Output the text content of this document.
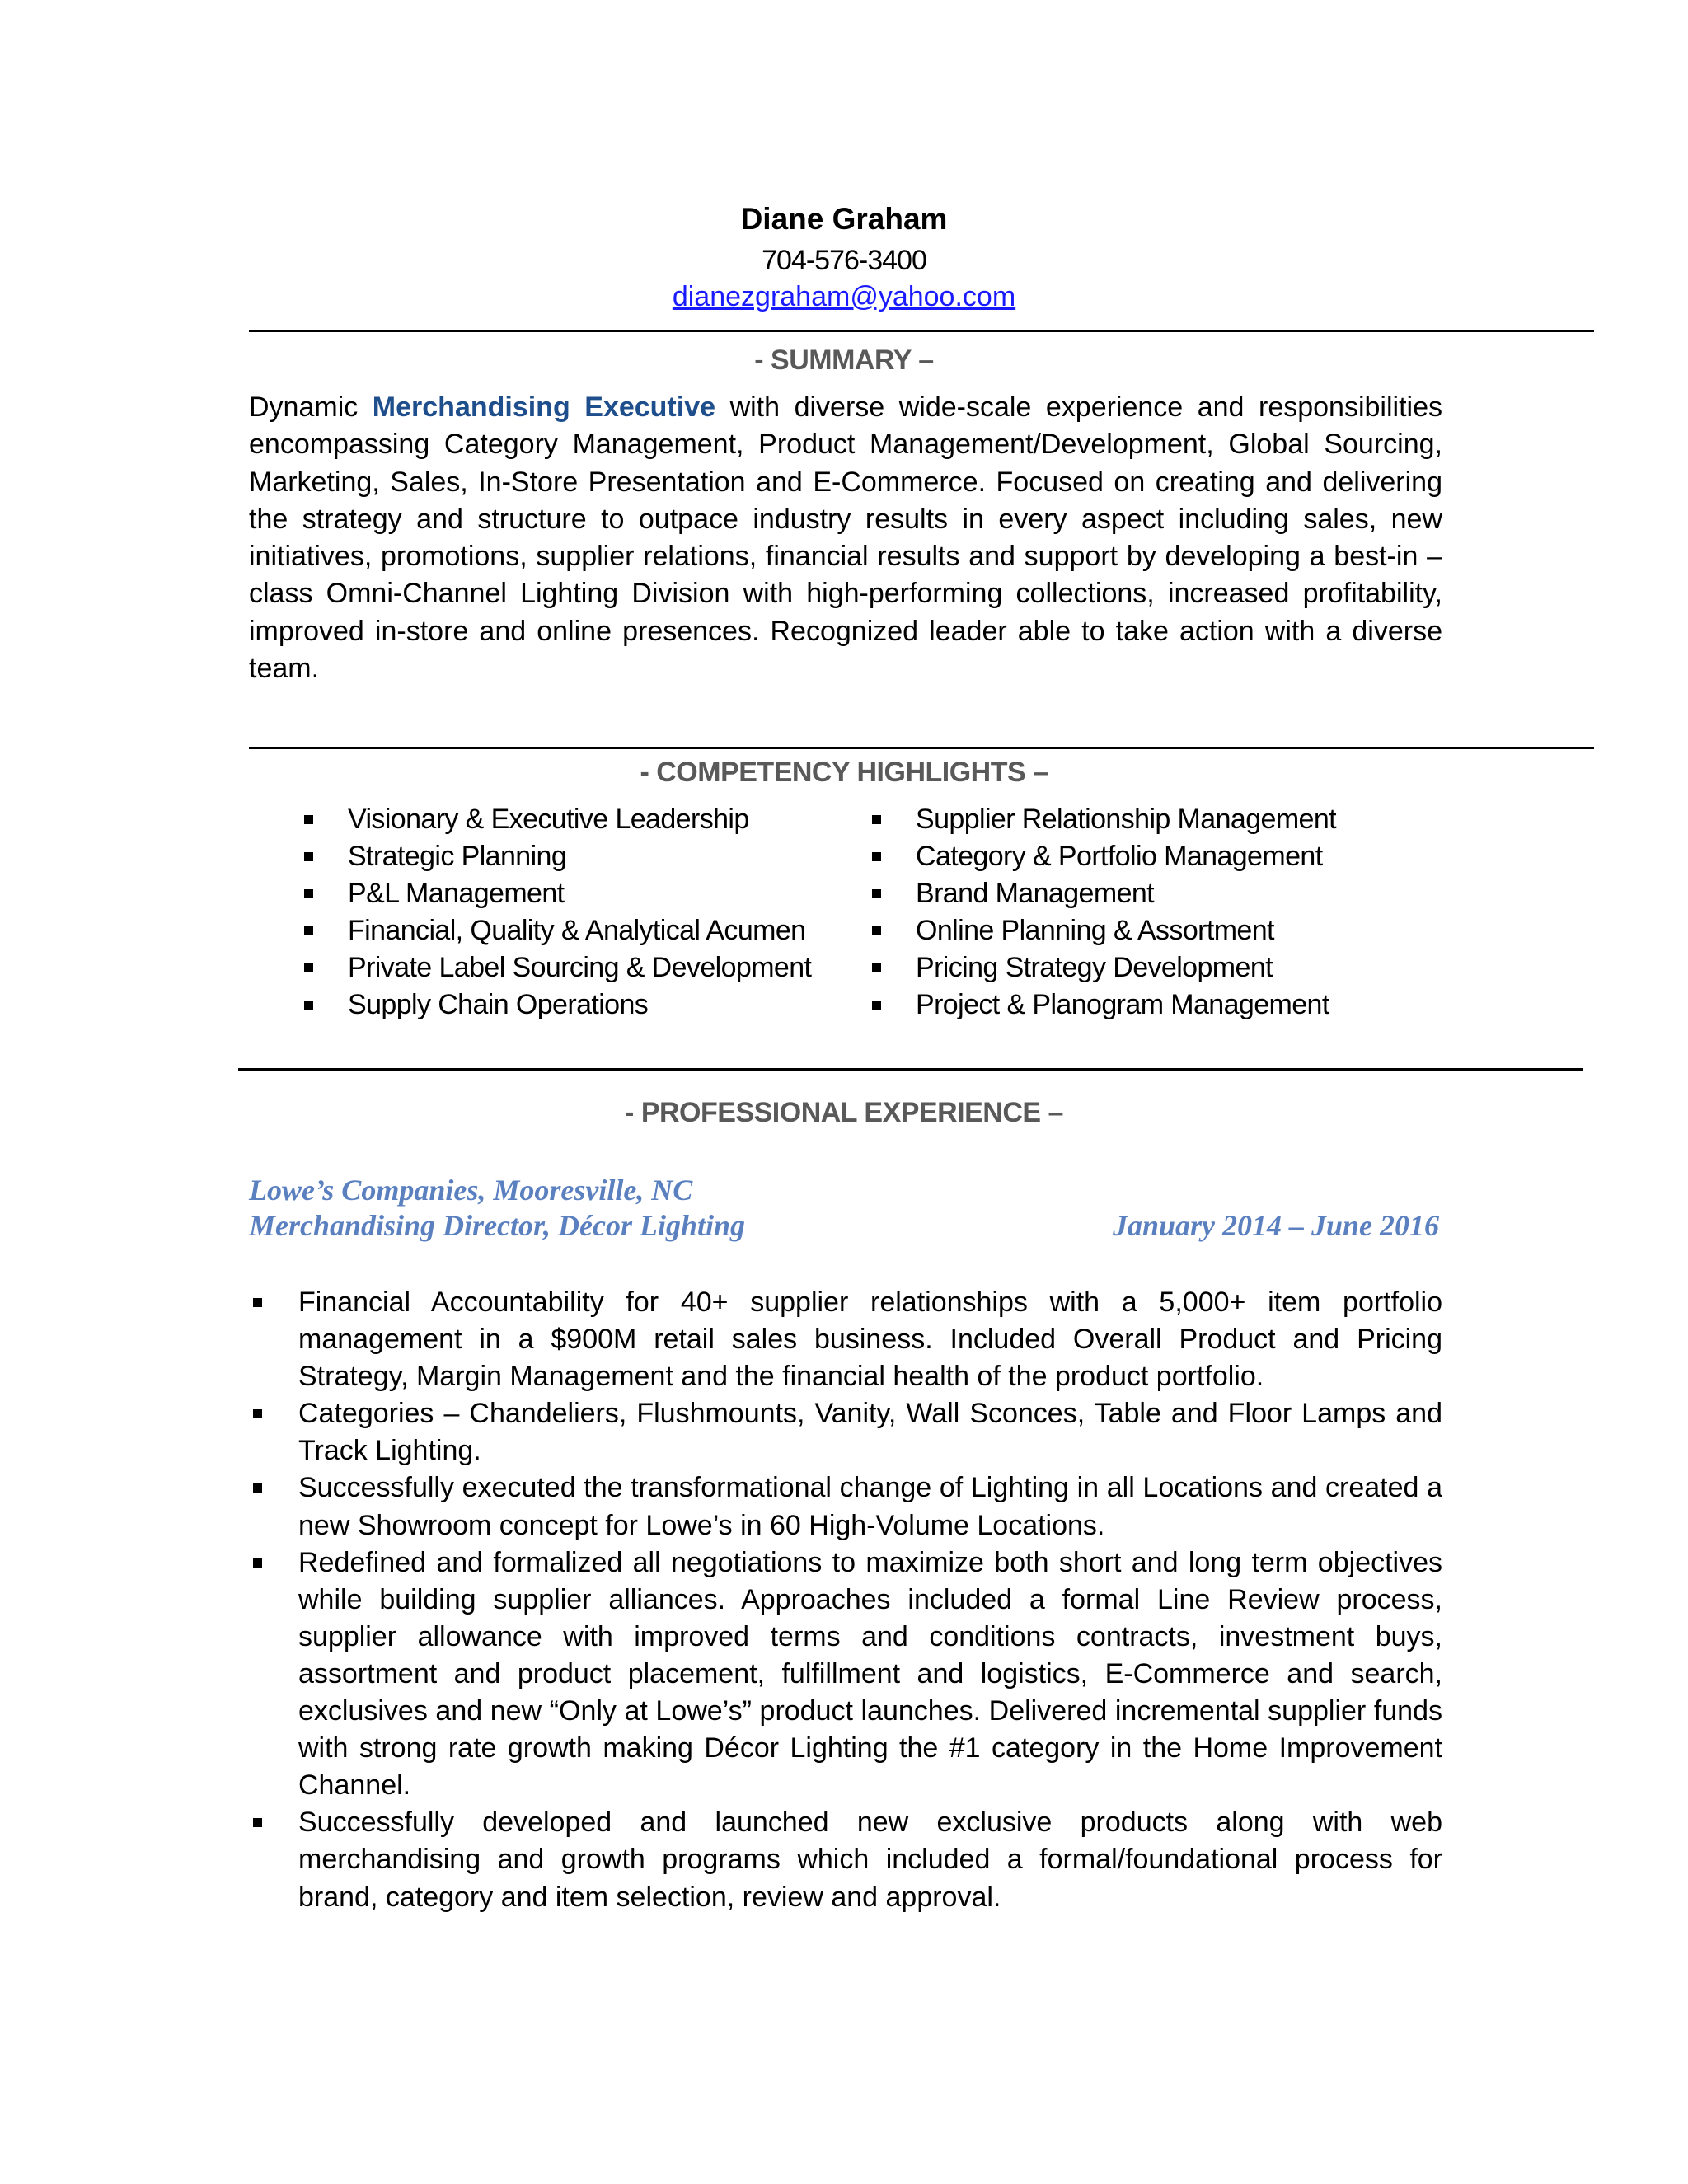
Diane Graham
704-576-3400
dianezgraham@yahoo.com
- SUMMARY –
Dynamic Merchandising Executive with diverse wide-scale experience and responsibilities encompassing Category Management, Product Management/Development, Global Sourcing, Marketing, Sales, In-Store Presentation and E-Commerce. Focused on creating and delivering the strategy and structure to outpace industry results in every aspect including sales, new initiatives, promotions, supplier relations, financial results and support by developing a best-in – class Omni-Channel Lighting Division with high-performing collections, increased profitability, improved in-store and online presences. Recognized leader able to take action with a diverse team.
- COMPETENCY HIGHLIGHTS –
Visionary & Executive Leadership
Strategic Planning
P&L Management
Financial, Quality & Analytical Acumen
Private Label Sourcing & Development
Supply Chain Operations
Supplier Relationship Management
Category & Portfolio Management
Brand Management
Online Planning & Assortment
Pricing Strategy Development
Project & Planogram Management
- PROFESSIONAL EXPERIENCE –
Lowe’s Companies, Mooresville, NC
Merchandising Director, Décor Lighting	January 2014 – June 2016
Financial Accountability for 40+ supplier relationships with a 5,000+ item portfolio management in a $900M retail sales business. Included Overall Product and Pricing Strategy, Margin Management and the financial health of the product portfolio.
Categories – Chandeliers, Flushmounts, Vanity, Wall Sconces, Table and Floor Lamps and Track Lighting.
Successfully executed the transformational change of Lighting in all Locations and created a new Showroom concept for Lowe’s in 60 High-Volume Locations.
Redefined and formalized all negotiations to maximize both short and long term objectives while building supplier alliances. Approaches included a formal Line Review process, supplier allowance with improved terms and conditions contracts, investment buys, assortment and product placement, fulfillment and logistics, E-Commerce and search, exclusives and new “Only at Lowe’s” product launches. Delivered incremental supplier funds with strong rate growth making Décor Lighting the #1 category in the Home Improvement Channel.
Successfully developed and launched new exclusive products along with web merchandising and growth programs which included a formal/foundational process for brand, category and item selection, review and approval.
